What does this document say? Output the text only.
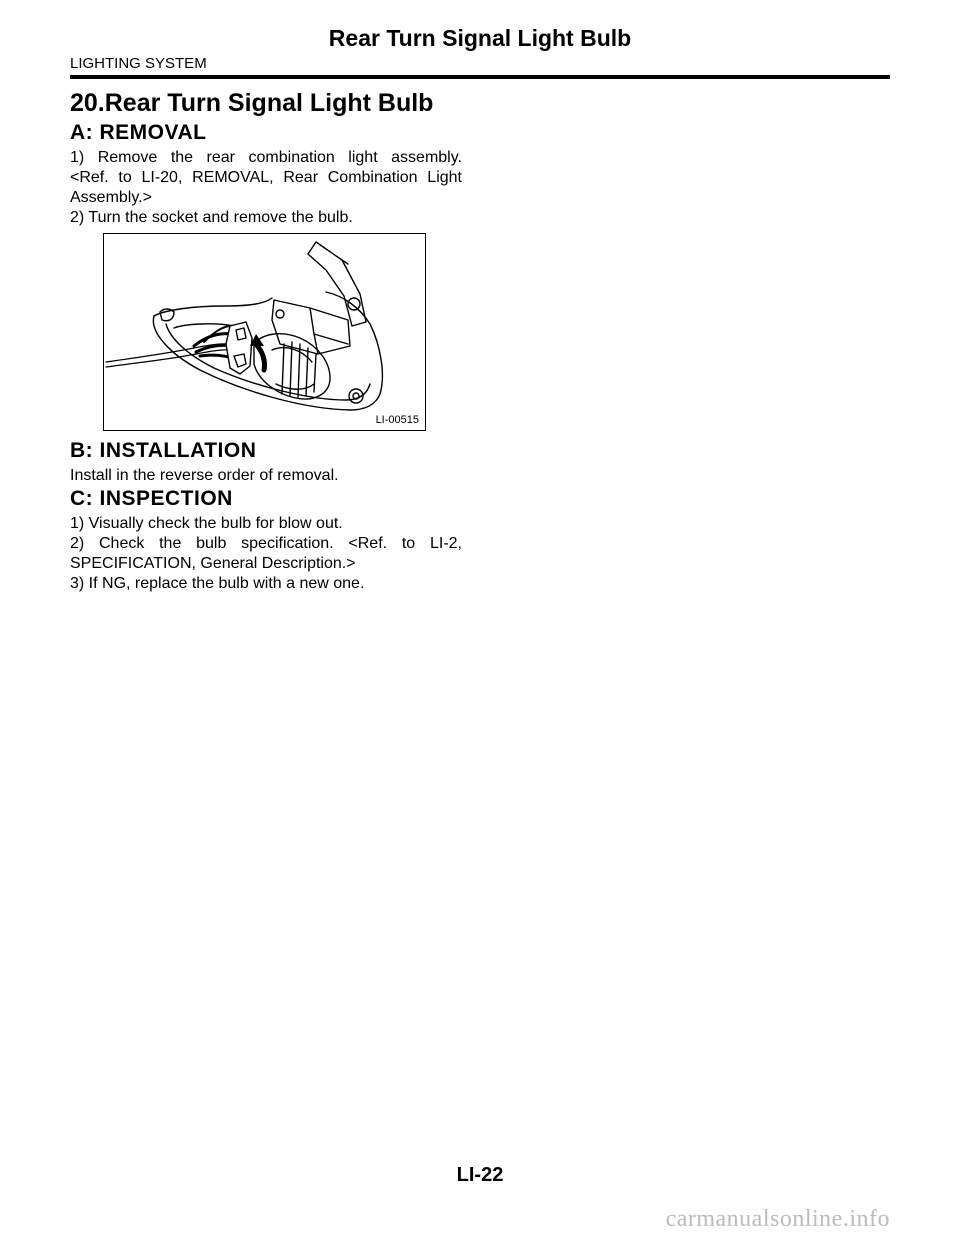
Rear Turn Signal Light Bulb
LIGHTING SYSTEM
20.Rear Turn Signal Light Bulb
A: REMOVAL

1) Remove the rear combination light assembly.

<Ref. to LI-20, REMOVAL, Rear Combination Light

Assembly.>

2) Turn the socket and remove the bulb.

LI-00515
B: INSTALLATION

Install in the reverse order of removal.

C: INSPECTION

1) Visually check the bulb for blow out.

2) Check the bulb specification. <Ref. to LI-2,

SPECIFICATION, General Description.>

3) If NG, replace the bulb with a new one.

LI-22
carmanualsonline.info
